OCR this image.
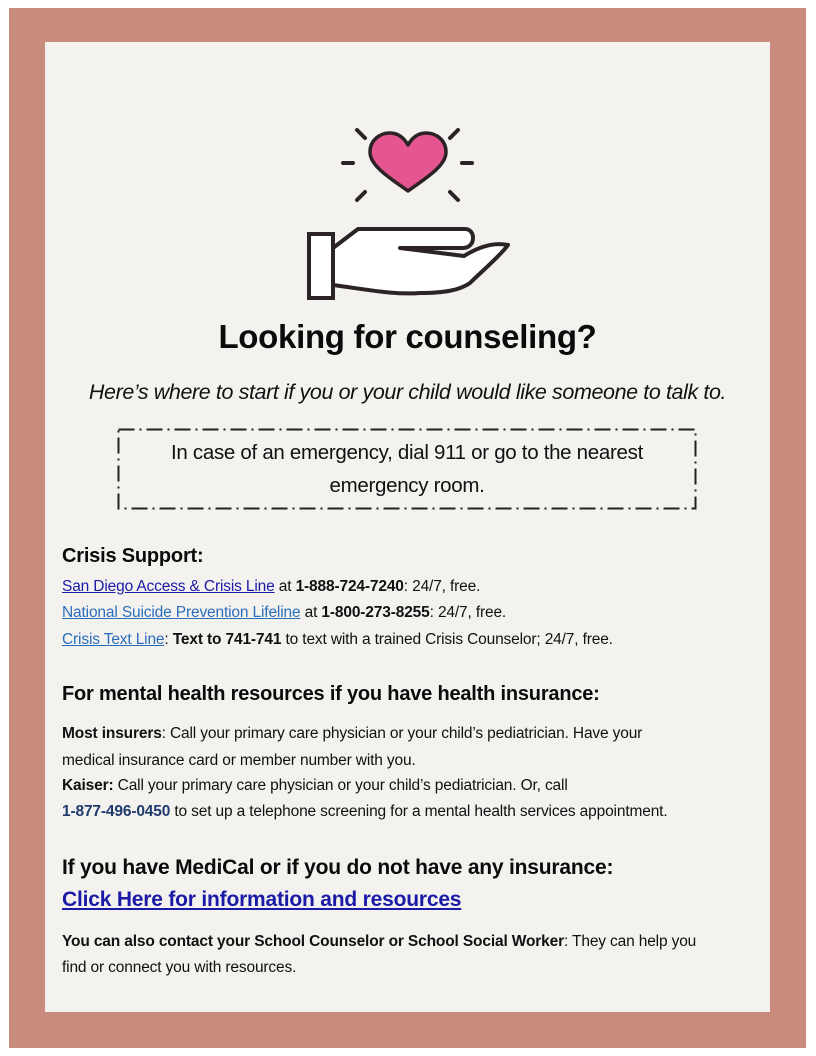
Looking for counseling?
Here’s where to start if you or your child would like someone to talk to.
In case of an emergency, dial 911 or go to the nearest
emergency room.
Crisis Support:
San Diego Access & Crisis Line at 1-888-724-7240: 24/7, free.
National Suicide Prevention Lifeline at 1-800-273-8255: 24/7, free.
Crisis Text Line: Text to 741-741 to text with a trained Crisis Counselor; 24/7, free.
For mental health resources if you have health insurance:
Most insurers: Call your primary care physician or your child’s pediatrician. Have your
medical insurance card or member number with you.
Kaiser: Call your primary care physician or your child’s pediatrician. Or, call
1-877-496-0450 to set up a telephone screening for a mental health services appointment.
If you have MediCal or if you do not have any insurance:
Click Here for information and resources
You can also contact your School Counselor or School Social Worker: They can help you
find or connect you with resources.
